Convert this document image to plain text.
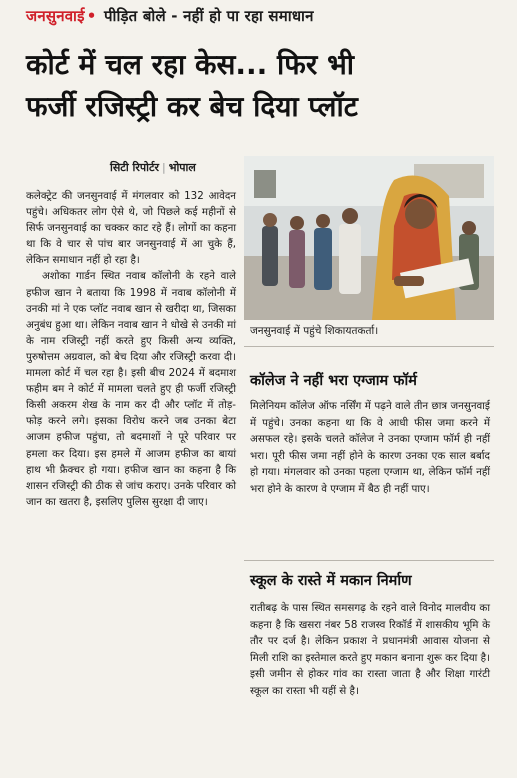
जनसुनवाई • पीड़ित बोले - नहीं हो पा रहा समाधान
कोर्ट में चल रहा केस... फिर भी
फर्जी रजिस्ट्री कर बेच दिया प्लॉट
सिटी रिपोर्टर | भोपाल

कलेक्ट्रेट की जनसुनवाई में मंगलवार को 132 आवेदन पहुंचे। अधिकतर लोग ऐसे थे, जो पिछले कई महीनों से सिर्फ जनसुनवाई का चक्कर काट रहे हैं। लोगों का कहना था कि वे चार से पांच बार जनसुनवाई में आ चुके हैं, लेकिन समाधान नहीं हो रहा है।

अशोका गार्डन स्थित नवाब कॉलोनी के रहने वाले हफीज खान ने बताया कि 1998 में नवाब कॉलोनी में उनकी मां ने एक प्लॉट नवाब खान से खरीदा था, जिसका अनुबंध हुआ था। लेकिन नवाब खान ने धोखे से उनकी मां के नाम रजिस्ट्री नहीं करते हुए किसी अन्य व्यक्ति, पुरुषोत्तम अग्रवाल, को बेच दिया और रजिस्ट्री करवा दी। मामला कोर्ट में चल रहा है। इसी बीच 2024 में बदमाश फहीम बम ने कोर्ट में मामला चलते हुए ही फर्जी रजिस्ट्री किसी अकरम शेख के नाम कर दी और प्लॉट में तोड़-फोड़ करने लगे। इसका विरोध करने जब उनका बेटा आजम हफीज पहुंचा, तो बदमाशों ने पूरे परिवार पर हमला कर दिया। इस हमले में आजम हफीज का बायां हाथ भी फ्रैक्चर हो गया। हफीज खान का कहना है कि शासन रजिस्ट्री की ठीक से जांच कराए। उनके परिवार को जान का खतरा है, इसलिए पुलिस सुरक्षा दी जाए।

जनसुनवाई में पहुंचे शिकायतकर्ता।
कॉलेज ने नहीं भरा एग्जाम फॉर्म
मिलेनियम कॉलेज ऑफ नर्सिंग में पढ़ने वाले तीन छात्र जनसुनवाई में पहुंचे। उनका कहना था कि वे आधी फीस जमा करने में असफल रहे। इसके चलते कॉलेज ने उनका एग्जाम फॉर्म ही नहीं भरा। पूरी फीस जमा नहीं होने के कारण उनका एक साल बर्बाद हो गया। मंगलवार को उनका पहला एग्जाम था, लेकिन फॉर्म नहीं भरा होने के कारण वे एग्जाम में बैठ ही नहीं पाए।
स्कूल के रास्ते में मकान निर्माण
रातीबढ़ के पास स्थित समसगढ़ के रहने वाले विनोद मालवीय का कहना है कि खसरा नंबर 58 राजस्व रिकॉर्ड में शासकीय भूमि के तौर पर दर्ज है। लेकिन प्रकाश ने प्रधानमंत्री आवास योजना से मिली राशि का इस्तेमाल करते हुए मकान बनाना शुरू कर दिया है। इसी जमीन से होकर गांव का रास्ता जाता है और शिक्षा गारंटी स्कूल का रास्ता भी यहीं से है।
